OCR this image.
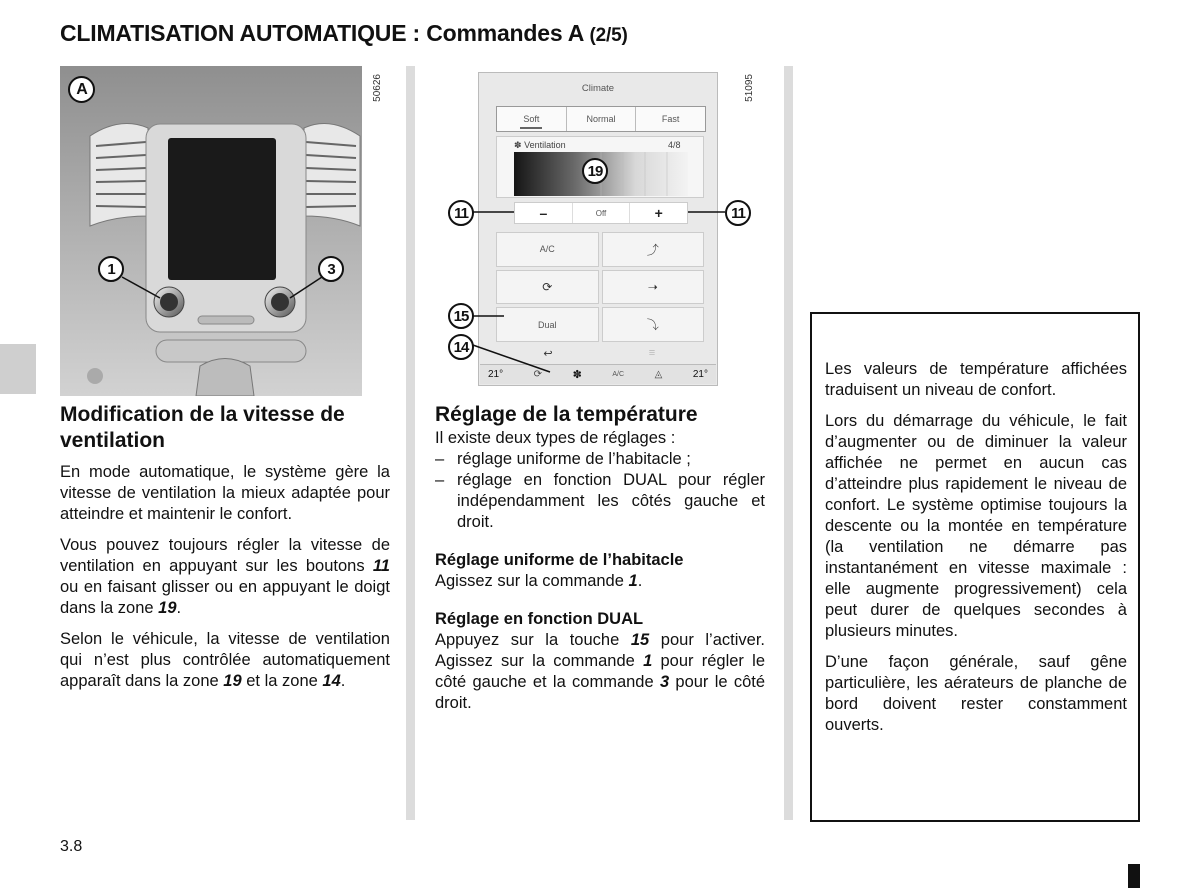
CLIMATISATION AUTOMATIQUE : Commandes A (2/5)
50626
A
1	3
51095
Climate
Soft	Normal	Fast
✽ Ventilation	4/8
–	Off	+
A/C	⤴
⟳	➝
Dual	⤵
↩	≡
21°	⟳	✽	A/C	◬	21°
19
11	11
15
14
Modification de la vitesse de ventilation

En mode automatique, le système gère la vitesse de ventilation la mieux adaptée pour atteindre et maintenir le confort.

Vous pouvez toujours régler la vitesse de ventilation en appuyant sur les boutons 11 ou en faisant glisser ou en appuyant le doigt dans la zone 19.

Selon le véhicule, la vitesse de ventilation qui n’est plus contrôlée automatiquement apparaît dans la zone 19 et la zone 14.

Réglage de la température

Il existe deux types de réglages :

– réglage uniforme de l’habitacle ;
– réglage en fonction DUAL pour régler indépendamment les côtés gauche et droit.

Réglage uniforme de l’habitacle

Agissez sur la commande 1.

Réglage en fonction DUAL

Appuyez sur la touche 15 pour l’activer. Agissez sur la commande 1 pour régler le côté gauche et la commande 3 pour le côté droit.

Les valeurs de température affichées traduisent un niveau de confort.

Lors du démarrage du véhicule, le fait d’augmenter ou de diminuer la valeur affichée ne permet en aucun cas d’atteindre plus rapidement le niveau de confort. Le système optimise toujours la descente ou la montée en température (la ventilation ne démarre pas instantanément en vitesse maximale : elle augmente progressivement) cela peut durer de quelques secondes à plusieurs minutes.

D’une façon générale, sauf gêne particulière, les aérateurs de planche de bord doivent rester constamment ouverts.

3.8
